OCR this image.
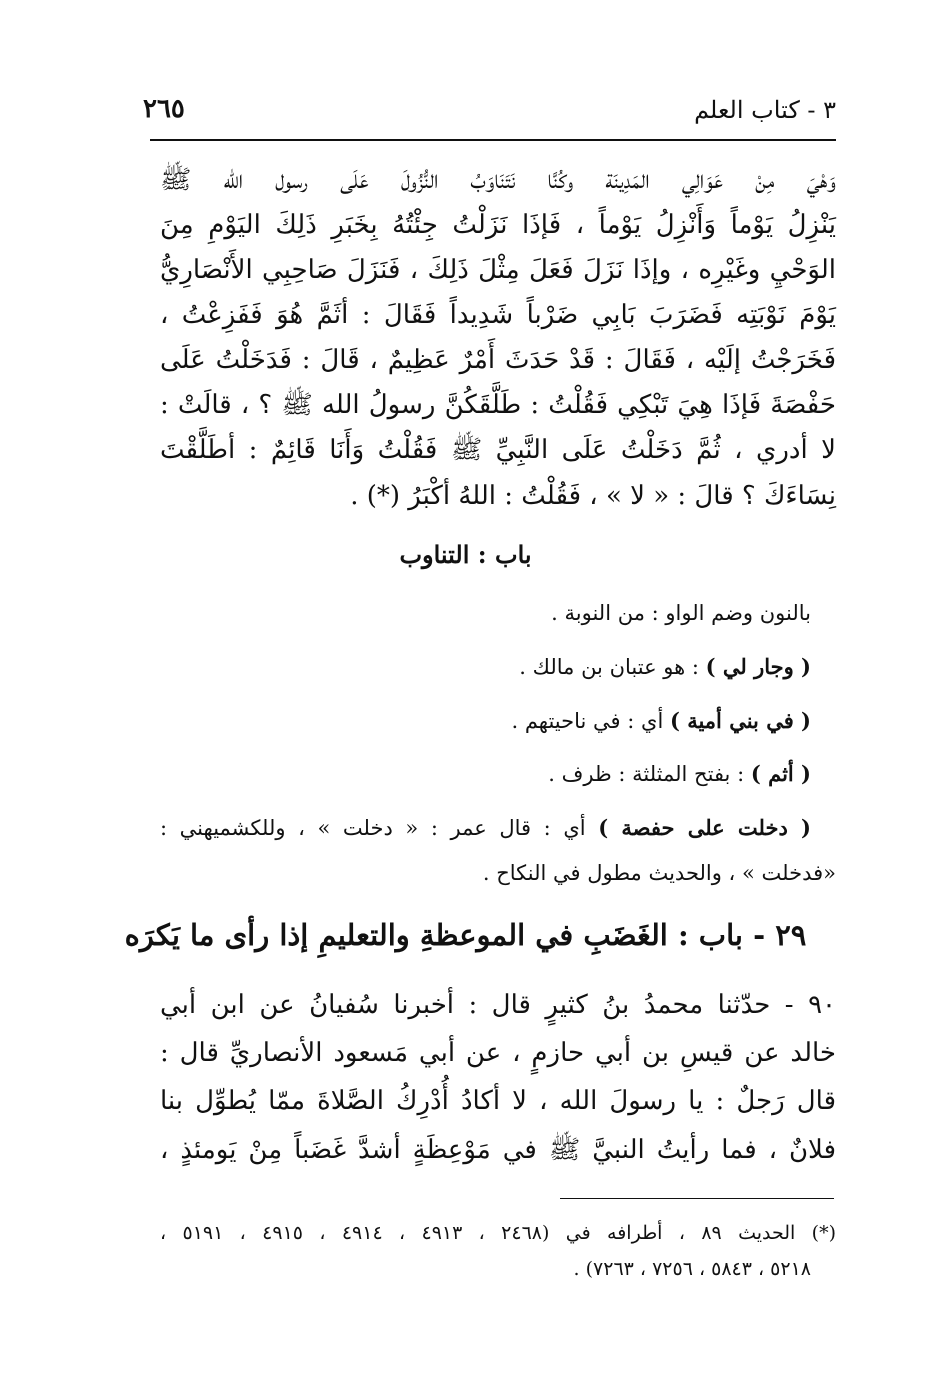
٣ - كتاب العلم
٢٦٥
وَهْيَ مِنْ عَوَالِي المَدِينَة وكُنَّا نَتَنَاوَبُ النُّزُولَ عَلَى رسول الله ﷺ
يَنْزِلُ يَوْماً وَأَنْزِلُ يَوْماً ، فَإذَا نَزَلْتُ جِئْتُهُ بِخَبَرِ ذَلِكَ اليَوْمِ مِنَ
الوَحْيِ وغَيْرِه ، وإذَا نَزَلَ فَعَلَ مِثْلَ ذَلِكَ ، فَنَزَلَ صَاحِبِي الأَنْصَارِيُّ
يَوْمَ نَوْبَتِه فَضَرَبَ بَابِي ضَرْباً شَدِيداً فَقَالَ : أثَمَّ هُوَ فَفَزِعْتُ ،
فَخَرَجْتُ إلَيْه ، فَقَالَ : قَدْ حَدَثَ أَمْرٌ عَظِيمٌ ، قَالَ : فَدَخَلْتُ عَلَى
حَفْصَةَ فَإذَا هِيَ تَبْكِي فَقُلْتُ : طَلَّقَكُنَّ رسولُ الله ﷺ ؟ ، قالَتْ :
لا أدري ، ثُمَّ دَخَلْتُ عَلَى النَّبِيِّ ﷺ فَقُلْتُ وَأَنَا قَائِمٌ : أطَلَّقْتَ
نِسَاءَكَ ؟ قالَ : « لا » ، فَقُلْتُ : اللهُ أكْبَرُ (*) .
باب : التناوب
بالنون وضم الواو : من النوبة .
( وجار لي ) : هو عتبان بن مالك .
( في بني أمية ) أي : في ناحيتهم .
( أثم ) : بفتح المثلثة : ظرف .
( دخلت على حفصة ) أي : قال عمر : « دخلت » ، وللكشميهني :
«فدخلت » ، والحديث مطول في النكاح .
٢٩ - باب : الغَضَبِ في الموعظةِ والتعليمِ إذا رأى ما يَكرَه
٩٠ - حدّثنا محمدُ بنُ كثيرٍ قال : أخبرنا سُفيانُ عن ابن أبي
خالد عن قيسِ بن أبي حازمٍ ، عن أبي مَسعود الأنصاريِّ قال :
قال رَجلٌ : يا رسولَ الله ، لا أكادُ أُدْرِكُ الصَّلاةَ ممّا يُطوِّل بنا
فلانٌ ، فما رأيتُ النبيَّ ﷺ في مَوْعِظَةٍ أشدَّ غَضَباً مِنْ يَومئذٍ ،
(*) الحديث ٨٩ ، أطرافه في (٢٤٦٨ ، ٤٩١٣ ، ٤٩١٤ ، ٤٩١٥ ، ٥١٩١ ،
٥٢١٨ ، ٥٨٤٣ ، ٧٢٥٦ ، ٧٢٦٣) .
